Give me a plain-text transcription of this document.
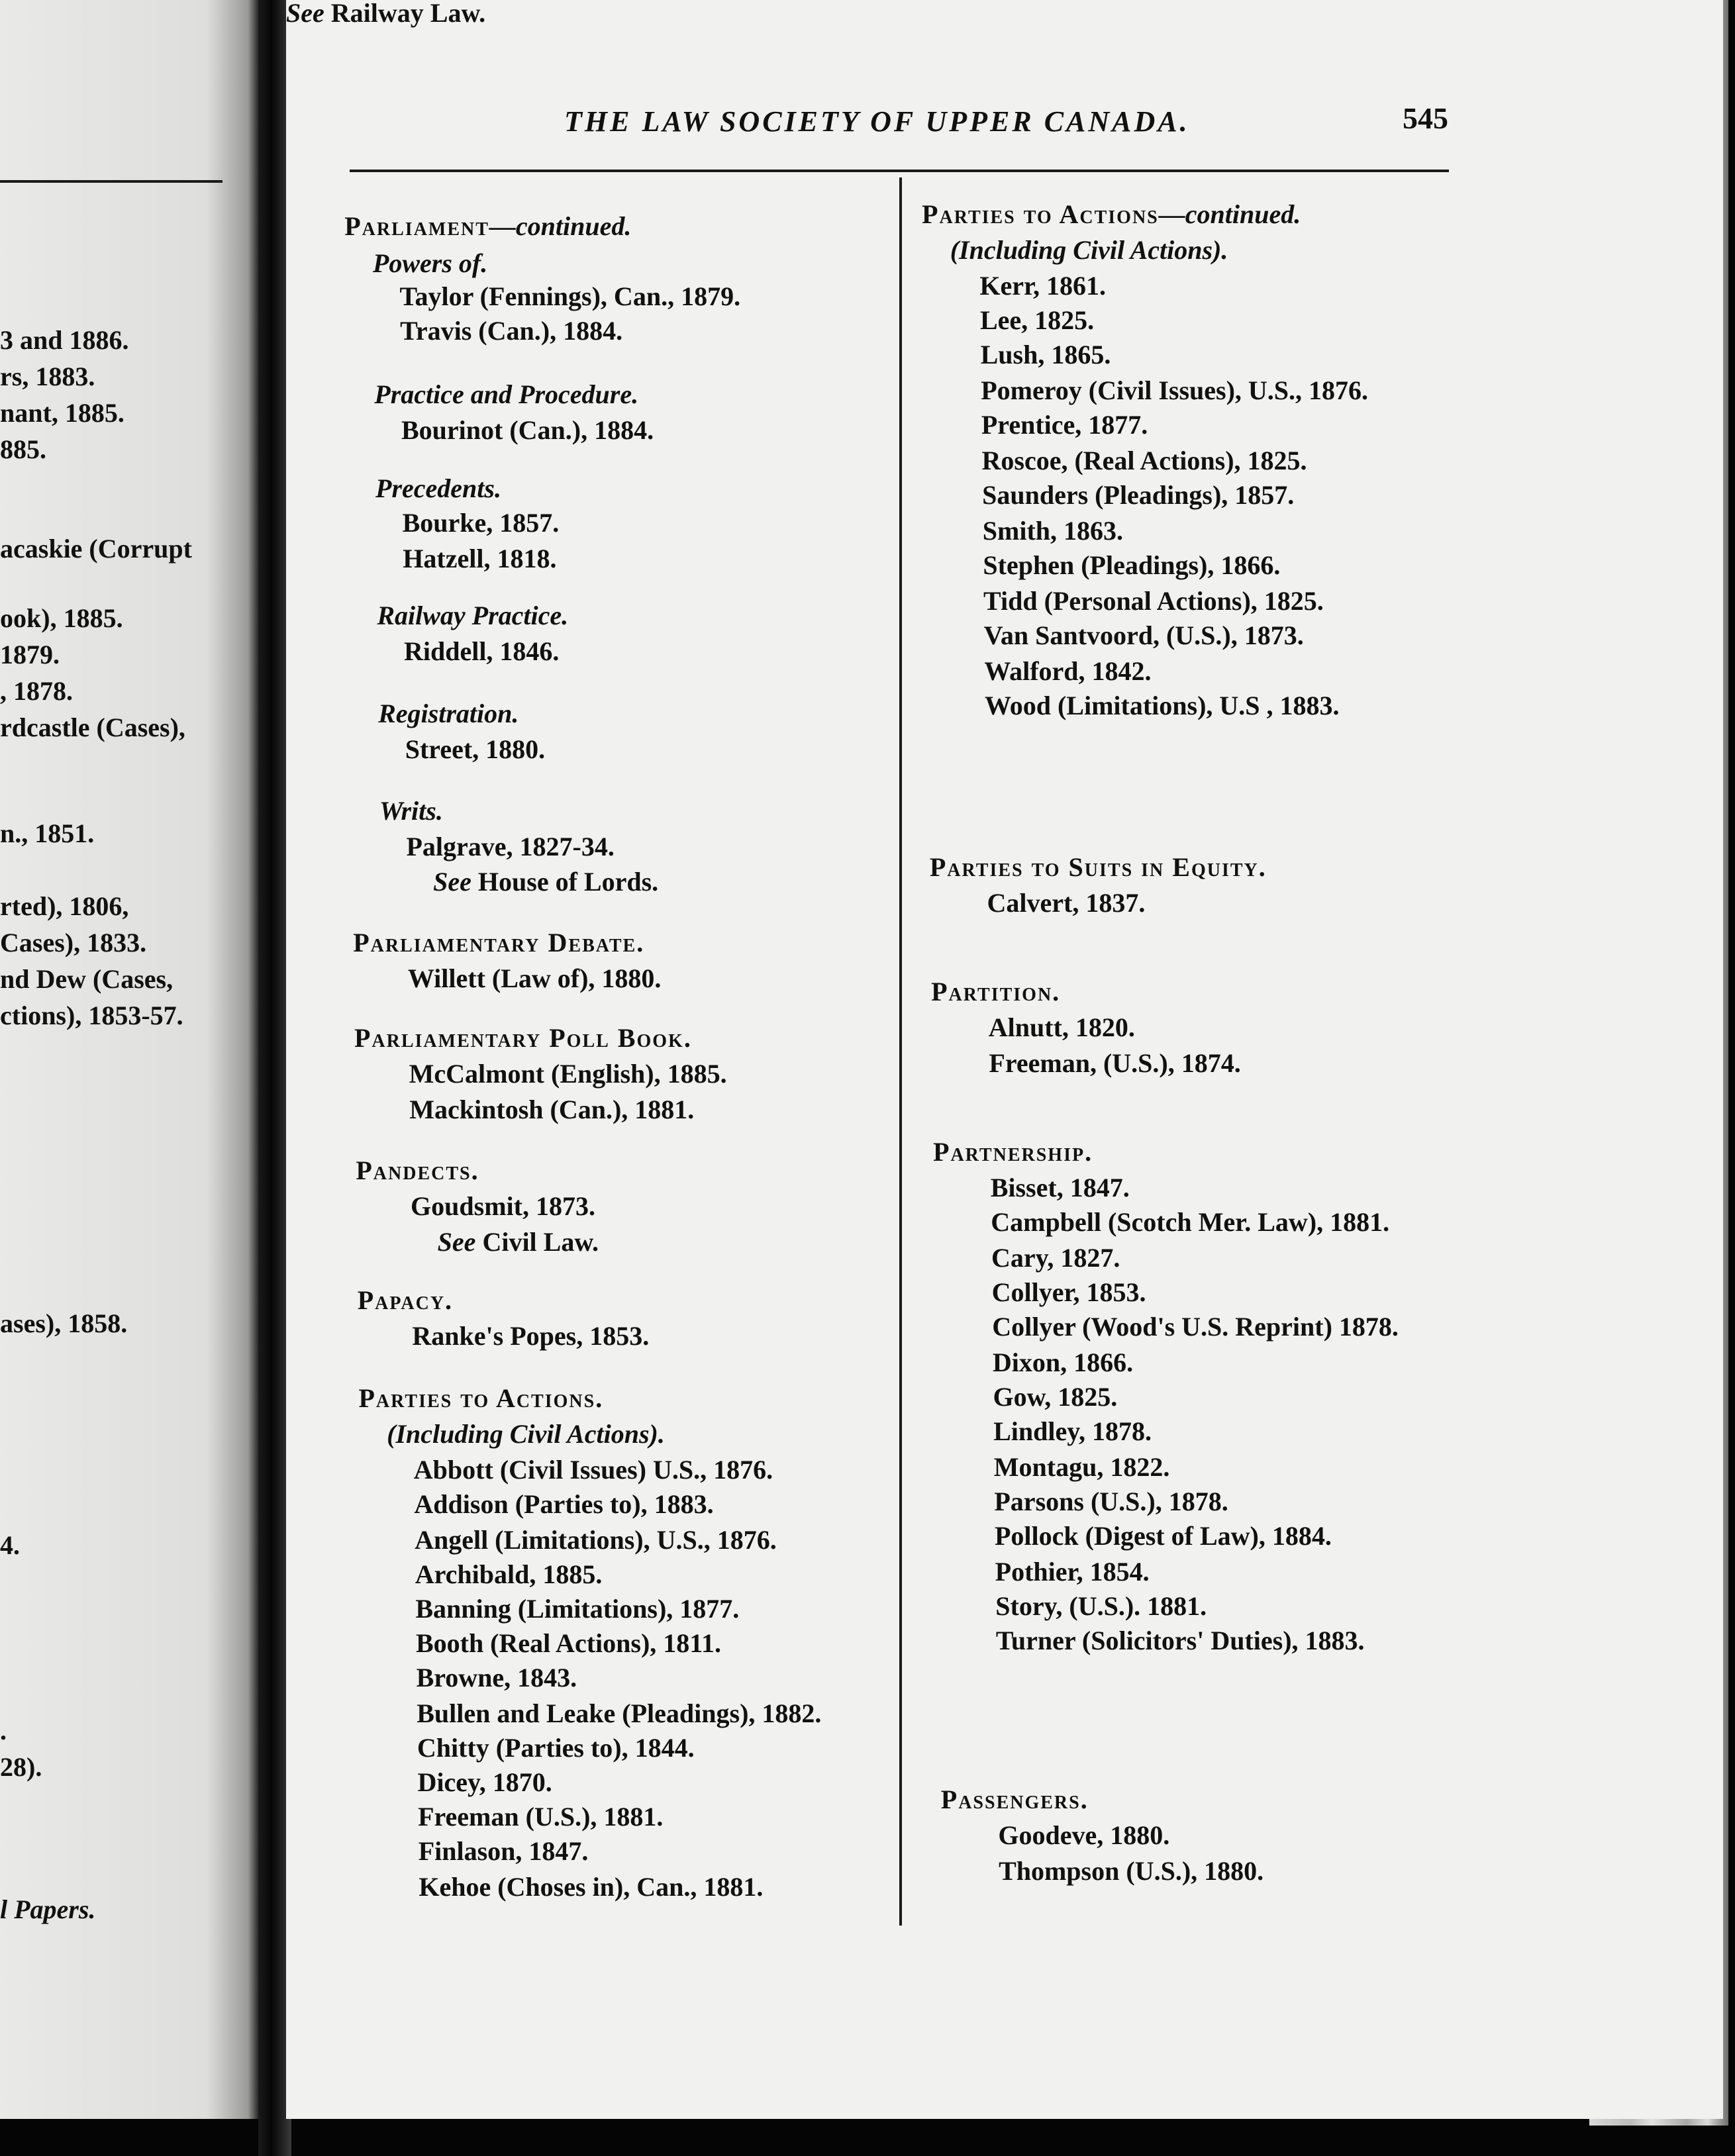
3 and 1886.
rs, 1883.
nant, 1885.
885.
acaskie (Corrupt
ook), 1885.
1879.
, 1878.
rdcastle (Cases),
n., 1851.
rted), 1806,
Cases), 1833.
nd Dew (Cases,
ctions), 1853-57.
ases), 1858.
4.
.
28).
l Papers.
THE LAW SOCIETY OF UPPER CANADA.	545
Parliament—continued.
Powers of.
Taylor (Fennings), Can., 1879.
Travis (Can.), 1884.
Practice and Procedure.
Bourinot (Can.), 1884.
Precedents.
Bourke, 1857.
Hatzell, 1818.
Railway Practice.
Riddell, 1846.
Registration.
Street, 1880.
Writs.
Palgrave, 1827-34.
See House of Lords.
Parliamentary Debate.
Willett (Law of), 1880.
Parliamentary Poll Book.
McCalmont (English), 1885.
Mackintosh (Can.), 1881.
Pandects.
Goudsmit, 1873.
See Civil Law.
Papacy.
Ranke's Popes, 1853.
Parties to Actions.
(Including Civil Actions).
Abbott (Civil Issues) U.S., 1876.
Addison (Parties to), 1883.
Angell (Limitations), U.S., 1876.
Archibald, 1885.
Banning (Limitations), 1877.
Booth (Real Actions), 1811.
Browne, 1843.
Bullen and Leake (Pleadings), 1882.
Chitty (Parties to), 1844.
Dicey, 1870.
Freeman (U.S.), 1881.
Finlason, 1847.
Kehoe (Choses in), Can., 1881.
Parties to Actions—continued.
(Including Civil Actions).
Kerr, 1861.
Lee, 1825.
Lush, 1865.
Pomeroy (Civil Issues), U.S., 1876.
Prentice, 1877.
Roscoe, (Real Actions), 1825.
Saunders (Pleadings), 1857.
Smith, 1863.
Stephen (Pleadings), 1866.
Tidd (Personal Actions), 1825.
Van Santvoord, (U.S.), 1873.
Walford, 1842.
Wood (Limitations), U.S , 1883.
Parties to Suits in Equity.
Calvert, 1837.
Partition.
Alnutt, 1820.
Freeman, (U.S.), 1874.
Partnership.
Bisset, 1847.
Campbell (Scotch Mer. Law), 1881.
Cary, 1827.
Collyer, 1853.
Collyer (Wood's U.S. Reprint) 1878.
Dixon, 1866.
Gow, 1825.
Lindley, 1878.
Montagu, 1822.
Parsons (U.S.), 1878.
Pollock (Digest of Law), 1884.
Pothier, 1854.
Story, (U.S.). 1881.
Turner (Solicitors' Duties), 1883.
Passengers.
Goodeve, 1880.
Thompson (U.S.), 1880.
See Railway Law.
